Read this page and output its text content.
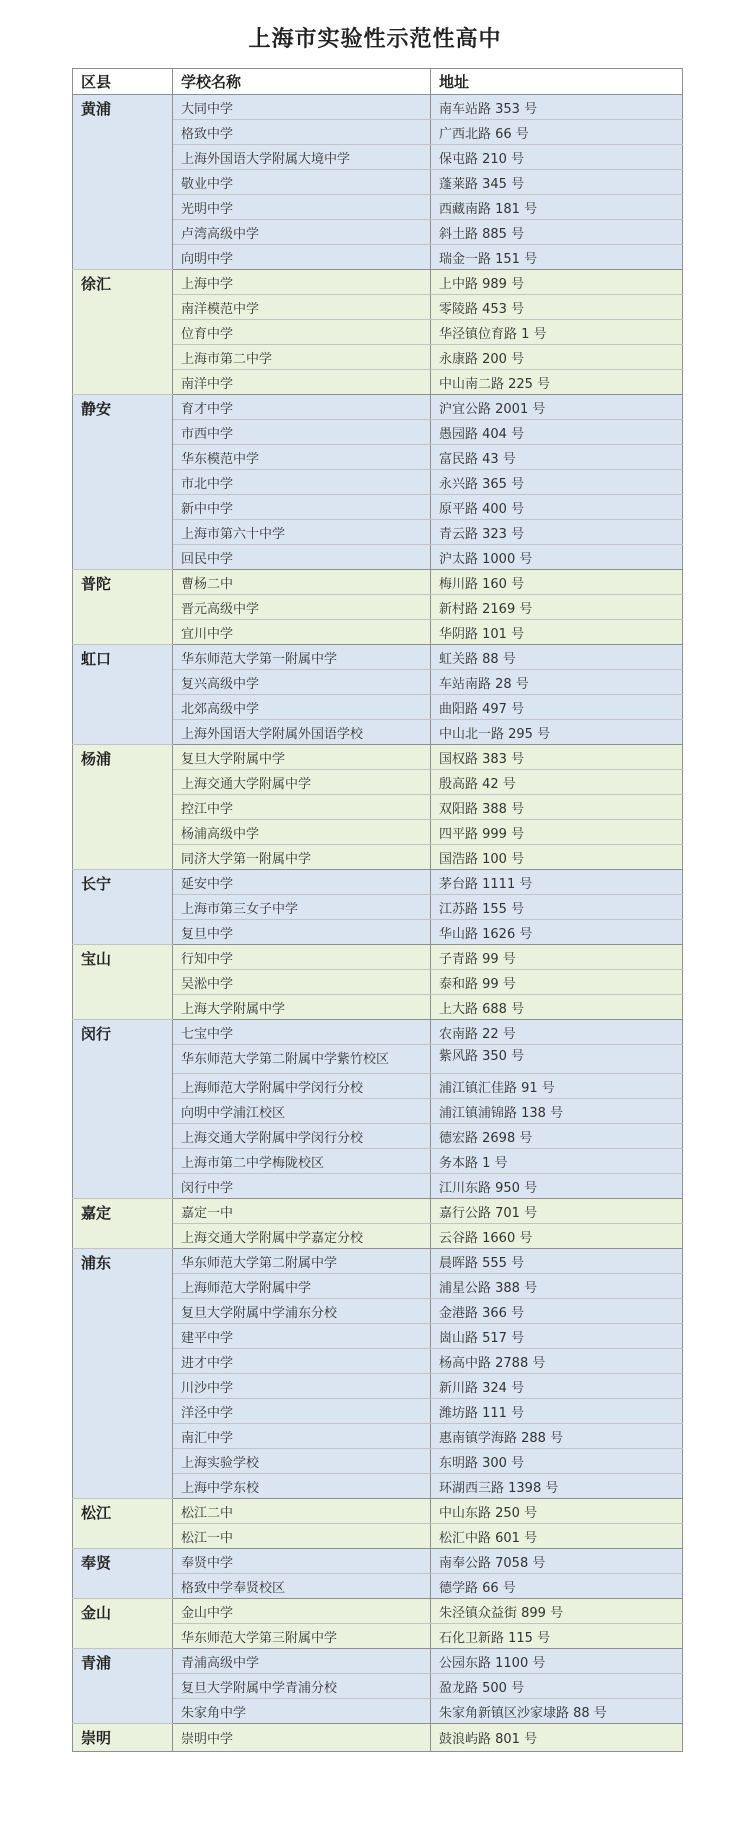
上海市实验性示范性高中
区县	学校名称	地址
黄浦	大同中学	南车站路 353 号
	格致中学	广西北路 66 号
	上海外国语大学附属大境中学	保屯路 210 号
	敬业中学	蓬莱路 345 号
	光明中学	西藏南路 181 号
	卢湾高级中学	斜土路 885 号
	向明中学	瑞金一路 151 号
徐汇	上海中学	上中路 989 号
	南洋模范中学	零陵路 453 号
	位育中学	华泾镇位育路 1 号
	上海市第二中学	永康路 200 号
	南洋中学	中山南二路 225 号
静安	育才中学	沪宜公路 2001 号
	市西中学	愚园路 404 号
	华东模范中学	富民路 43 号
	市北中学	永兴路 365 号
	新中中学	原平路 400 号
	上海市第六十中学	青云路 323 号
	回民中学	沪太路 1000 号
普陀	曹杨二中	梅川路 160 号
	晋元高级中学	新村路 2169 号
	宜川中学	华阴路 101 号
虹口	华东师范大学第一附属中学	虹关路 88 号
	复兴高级中学	车站南路 28 号
	北郊高级中学	曲阳路 497 号
	上海外国语大学附属外国语学校	中山北一路 295 号
杨浦	复旦大学附属中学	国权路 383 号
	上海交通大学附属中学	殷高路 42 号
	控江中学	双阳路 388 号
	杨浦高级中学	四平路 999 号
	同济大学第一附属中学	国浩路 100 号
长宁	延安中学	茅台路 1111 号
	上海市第三女子中学	江苏路 155 号
	复旦中学	华山路 1626 号
宝山	行知中学	子青路 99 号
	吴淞中学	泰和路 99 号
	上海大学附属中学	上大路 688 号
闵行	七宝中学	农南路 22 号
	华东师范大学第二附属中学紫竹校区	紫风路 350 号
	上海师范大学附属中学闵行分校	浦江镇汇佳路 91 号
	向明中学浦江校区	浦江镇浦锦路 138 号
	上海交通大学附属中学闵行分校	德宏路 2698 号
	上海市第二中学梅陇校区	务本路 1 号
	闵行中学	江川东路 950 号
嘉定	嘉定一中	嘉行公路 701 号
	上海交通大学附属中学嘉定分校	云谷路 1660 号
浦东	华东师范大学第二附属中学	晨晖路 555 号
	上海师范大学附属中学	浦星公路 388 号
	复旦大学附属中学浦东分校	金港路 366 号
	建平中学	崮山路 517 号
	进才中学	杨高中路 2788 号
	川沙中学	新川路 324 号
	洋泾中学	潍坊路 111 号
	南汇中学	惠南镇学海路 288 号
	上海实验学校	东明路 300 号
	上海中学东校	环湖西三路 1398 号
松江	松江二中	中山东路 250 号
	松江一中	松汇中路 601 号
奉贤	奉贤中学	南奉公路 7058 号
	格致中学奉贤校区	德学路 66 号
金山	金山中学	朱泾镇众益街 899 号
	华东师范大学第三附属中学	石化卫新路 115 号
青浦	青浦高级中学	公园东路 1100 号
	复旦大学附属中学青浦分校	盈龙路 500 号
	朱家角中学	朱家角新镇区沙家埭路 88 号
崇明	崇明中学	鼓浪屿路 801 号
